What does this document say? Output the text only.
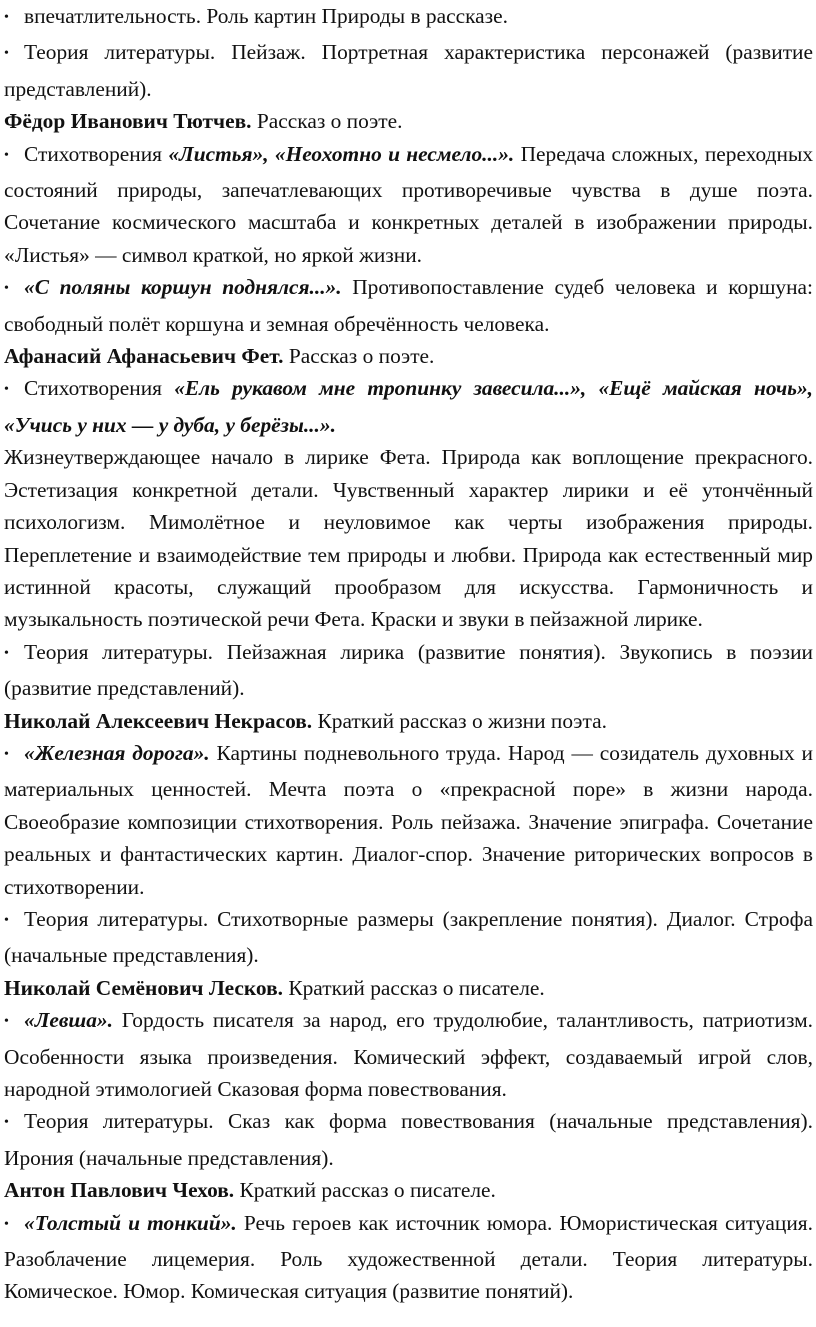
•впечатлительность. Роль картин Природы в рассказе.

•Теория литературы. Пейзаж. Портретная характеристика персонажей (развитие представлений).

Фёдор Иванович Тютчев. Рассказ о поэте.

•Стихотворения «Листья», «Неохотно и несмело...». Передача сложных, переходных состояний природы, запечатлевающих противоречивые чувства в душе поэта. Сочетание космического масштаба и конкретных деталей в изображении природы. «Листья» — символ краткой, но яркой жизни.

•«С поляны коршун поднялся...». Противопоставление судеб человека и коршуна: свободный полёт коршуна и земная обречённость человека.

Афанасий Афанасьевич Фет. Рассказ о поэте.

•Стихотворения «Ель рукавом мне тропинку завесила...», «Ещё майская ночь», «Учись у них — у дуба, у берёзы...».

Жизнеутверждающее начало в лирике Фета. Природа как воплощение прекрасного. Эстетизация конкретной детали. Чувственный характер лирики и её утончённый психологизм. Мимолётное и неуловимое как черты изображения природы. Переплетение и взаимодействие тем природы и любви. Природа как естественный мир истинной красоты, служащий прообразом для искусства. Гармоничность и музыкальность поэтической речи Фета. Краски и звуки в пейзажной лирике.

•Теория литературы. Пейзажная лирика (развитие понятия). Звукопись в поэзии (развитие представлений).

Николай Алексеевич Некрасов. Краткий рассказ о жизни поэта.

•«Железная дорога». Картины подневольного труда. Народ — созидатель духовных и материальных ценностей. Мечта поэта о «прекрасной поре» в жизни народа. Своеобразие композиции стихотворения. Роль пейзажа. Значение эпиграфа. Сочетание реальных и фантастических картин. Диалог-спор. Значение риторических вопросов в стихотворении.

•Теория литературы. Стихотворные размеры (закрепление понятия). Диалог. Строфа (начальные представления).

Николай Семёнович Лесков. Краткий рассказ о писателе.

•«Левша». Гордость писателя за народ, его трудолюбие, талантливость, патриотизм. Особенности языка произведения. Комический эффект, создаваемый игрой слов, народной этимологией Сказовая форма повествования.

•Теория литературы. Сказ как форма повествования (начальные представления). Ирония (начальные представления).

Антон Павлович Чехов. Краткий рассказ о писателе.

•«Толстый и тонкий». Речь героев как источник юмора. Юмористическая ситуация. Разоблачение лицемерия. Роль художественной детали. Теория литературы. Комическое. Юмор. Комическая ситуация (развитие понятий).
